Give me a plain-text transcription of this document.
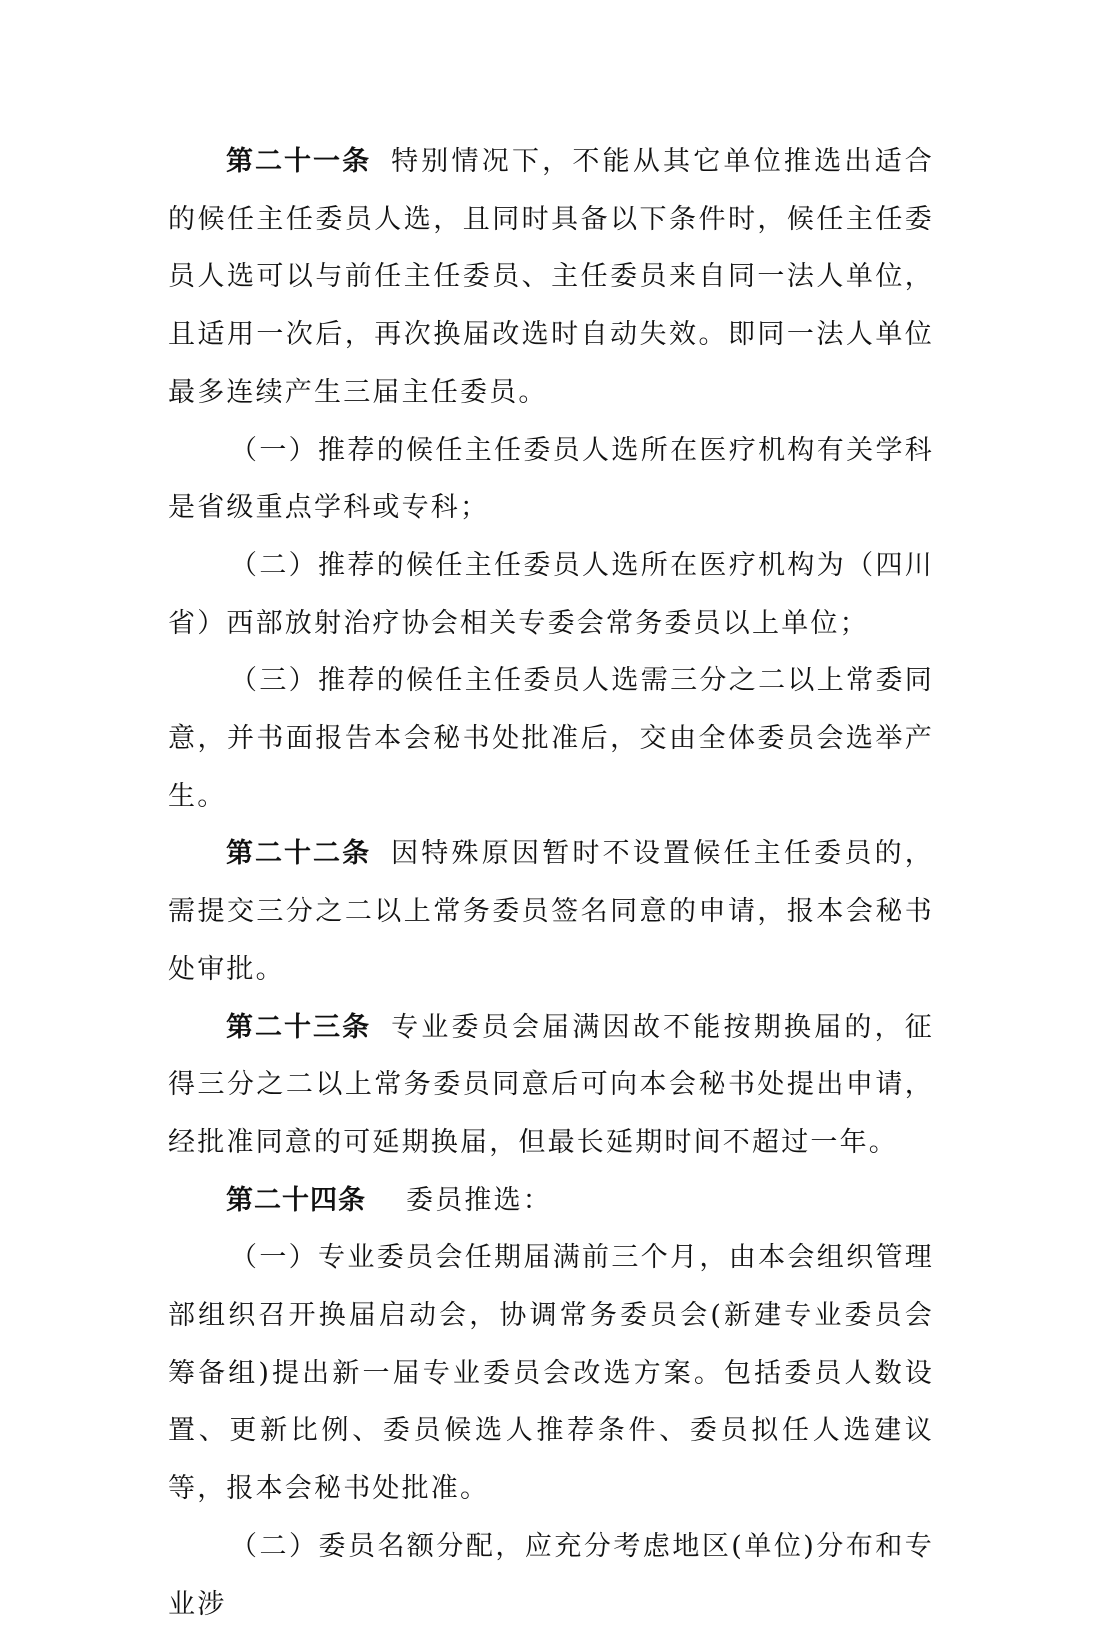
第二十一条 特别情况下，不能从其它单位推选出适合的候任主任委员人选，且同时具备以下条件时，候任主任委员人选可以与前任主任委员、主任委员来自同一法人单位，且适用一次后，再次换届改选时自动失效。即同一法人单位最多连续产生三届主任委员。

（一）推荐的候任主任委员人选所在医疗机构有关学科是省级重点学科或专科；

（二）推荐的候任主任委员人选所在医疗机构为（四川省）西部放射治疗协会相关专委会常务委员以上单位；

（三）推荐的候任主任委员人选需三分之二以上常委同意，并书面报告本会秘书处批准后，交由全体委员会选举产生。

第二十二条 因特殊原因暂时不设置候任主任委员的，需提交三分之二以上常务委员签名同意的申请，报本会秘书处审批。

第二十三条 专业委员会届满因故不能按期换届的，征得三分之二以上常务委员同意后可向本会秘书处提出申请，经批准同意的可延期换届，但最长延期时间不超过一年。

第二十四条 委员推选：

（一）专业委员会任期届满前三个月，由本会组织管理部组织召开换届启动会，协调常务委员会(新建专业委员会筹备组)提出新一届专业委员会改选方案。包括委员人数设置、更新比例、委员候选人推荐条件、委员拟任人选建议等，报本会秘书处批准。

（二）委员名额分配，应充分考虑地区(单位)分布和专业涉
